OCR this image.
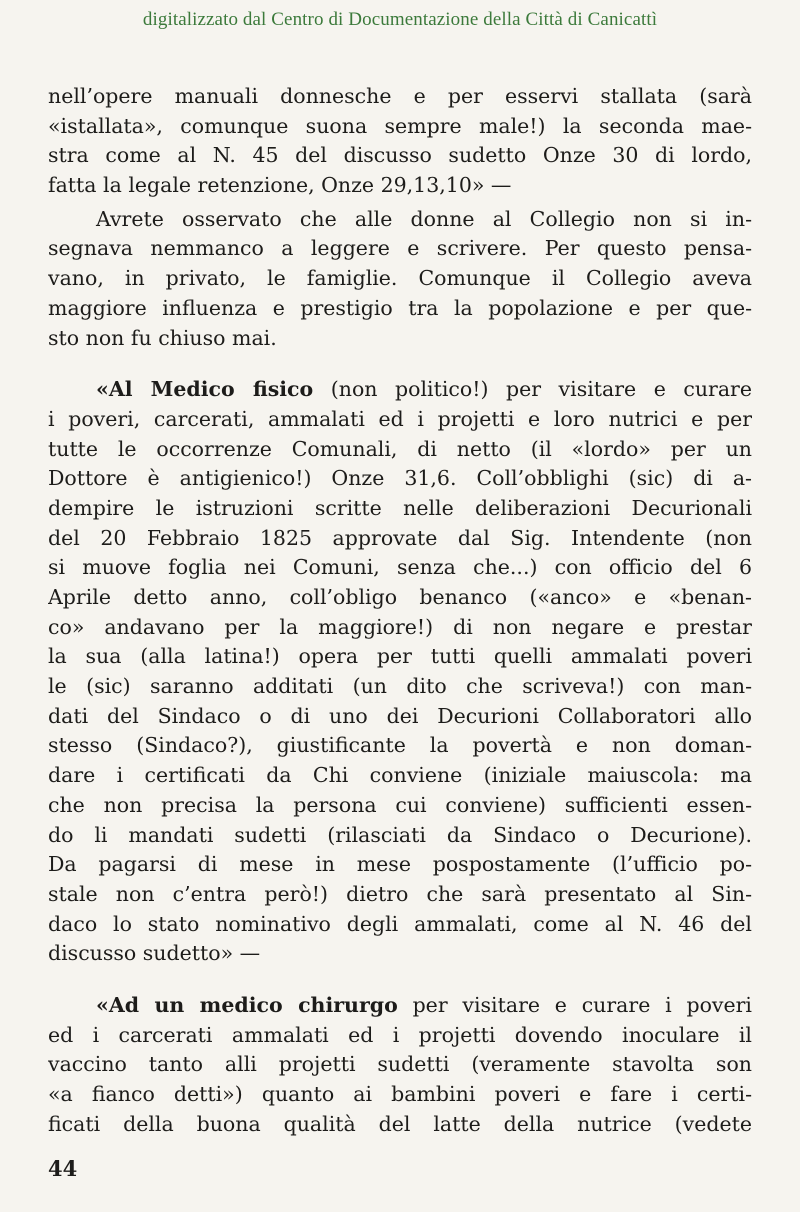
digitalizzato dal Centro di Documentazione della Città di Canicattì
nell’opere manuali donnesche e per esservi stallata (sarà
«istallata», comunque suona sempre male!) la seconda mae-
stra come al N. 45 del discusso sudetto Onze 30 di lordo,
fatta la legale retenzione, Onze 29,13,10» —
Avrete osservato che alle donne al Collegio non si in-
segnava nemmanco a leggere e scrivere. Per questo pensa-
vano, in privato, le famiglie. Comunque il Collegio aveva
maggiore influenza e prestigio tra la popolazione e per que-
sto non fu chiuso mai.
«Al Medico fisico (non politico!) per visitare e curare
i poveri, carcerati, ammalati ed i projetti e loro nutrici e per
tutte le occorrenze Comunali, di netto (il «lordo» per un
Dottore è antigienico!) Onze 31,6. Coll’obblighi (sic) di a-
dempire le istruzioni scritte nelle deliberazioni Decurionali
del 20 Febbraio 1825 approvate dal Sig. Intendente (non
si muove foglia nei Comuni, senza che...) con officio del 6
Aprile detto anno, coll’obligo benanco («anco» e «benan-
co» andavano per la maggiore!) di non negare e prestar
la sua (alla latina!) opera per tutti quelli ammalati poveri
le (sic) saranno additati (un dito che scriveva!) con man-
dati del Sindaco o di uno dei Decurioni Collaboratori allo
stesso (Sindaco?), giustificante la povertà e non doman-
dare i certificati da Chi conviene (iniziale maiuscola: ma
che non precisa la persona cui conviene) sufficienti essen-
do li mandati sudetti (rilasciati da Sindaco o Decurione).
Da pagarsi di mese in mese pospostamente (l’ufficio po-
stale non c’entra però!) dietro che sarà presentato al Sin-
daco lo stato nominativo degli ammalati, come al N. 46 del
discusso sudetto» —
«Ad un medico chirurgo per visitare e curare i poveri
ed i carcerati ammalati ed i projetti dovendo inoculare il
vaccino tanto alli projetti sudetti (veramente stavolta son
«a fianco detti») quanto ai bambini poveri e fare i certi-
ficati della buona qualità del latte della nutrice (vedete
44
